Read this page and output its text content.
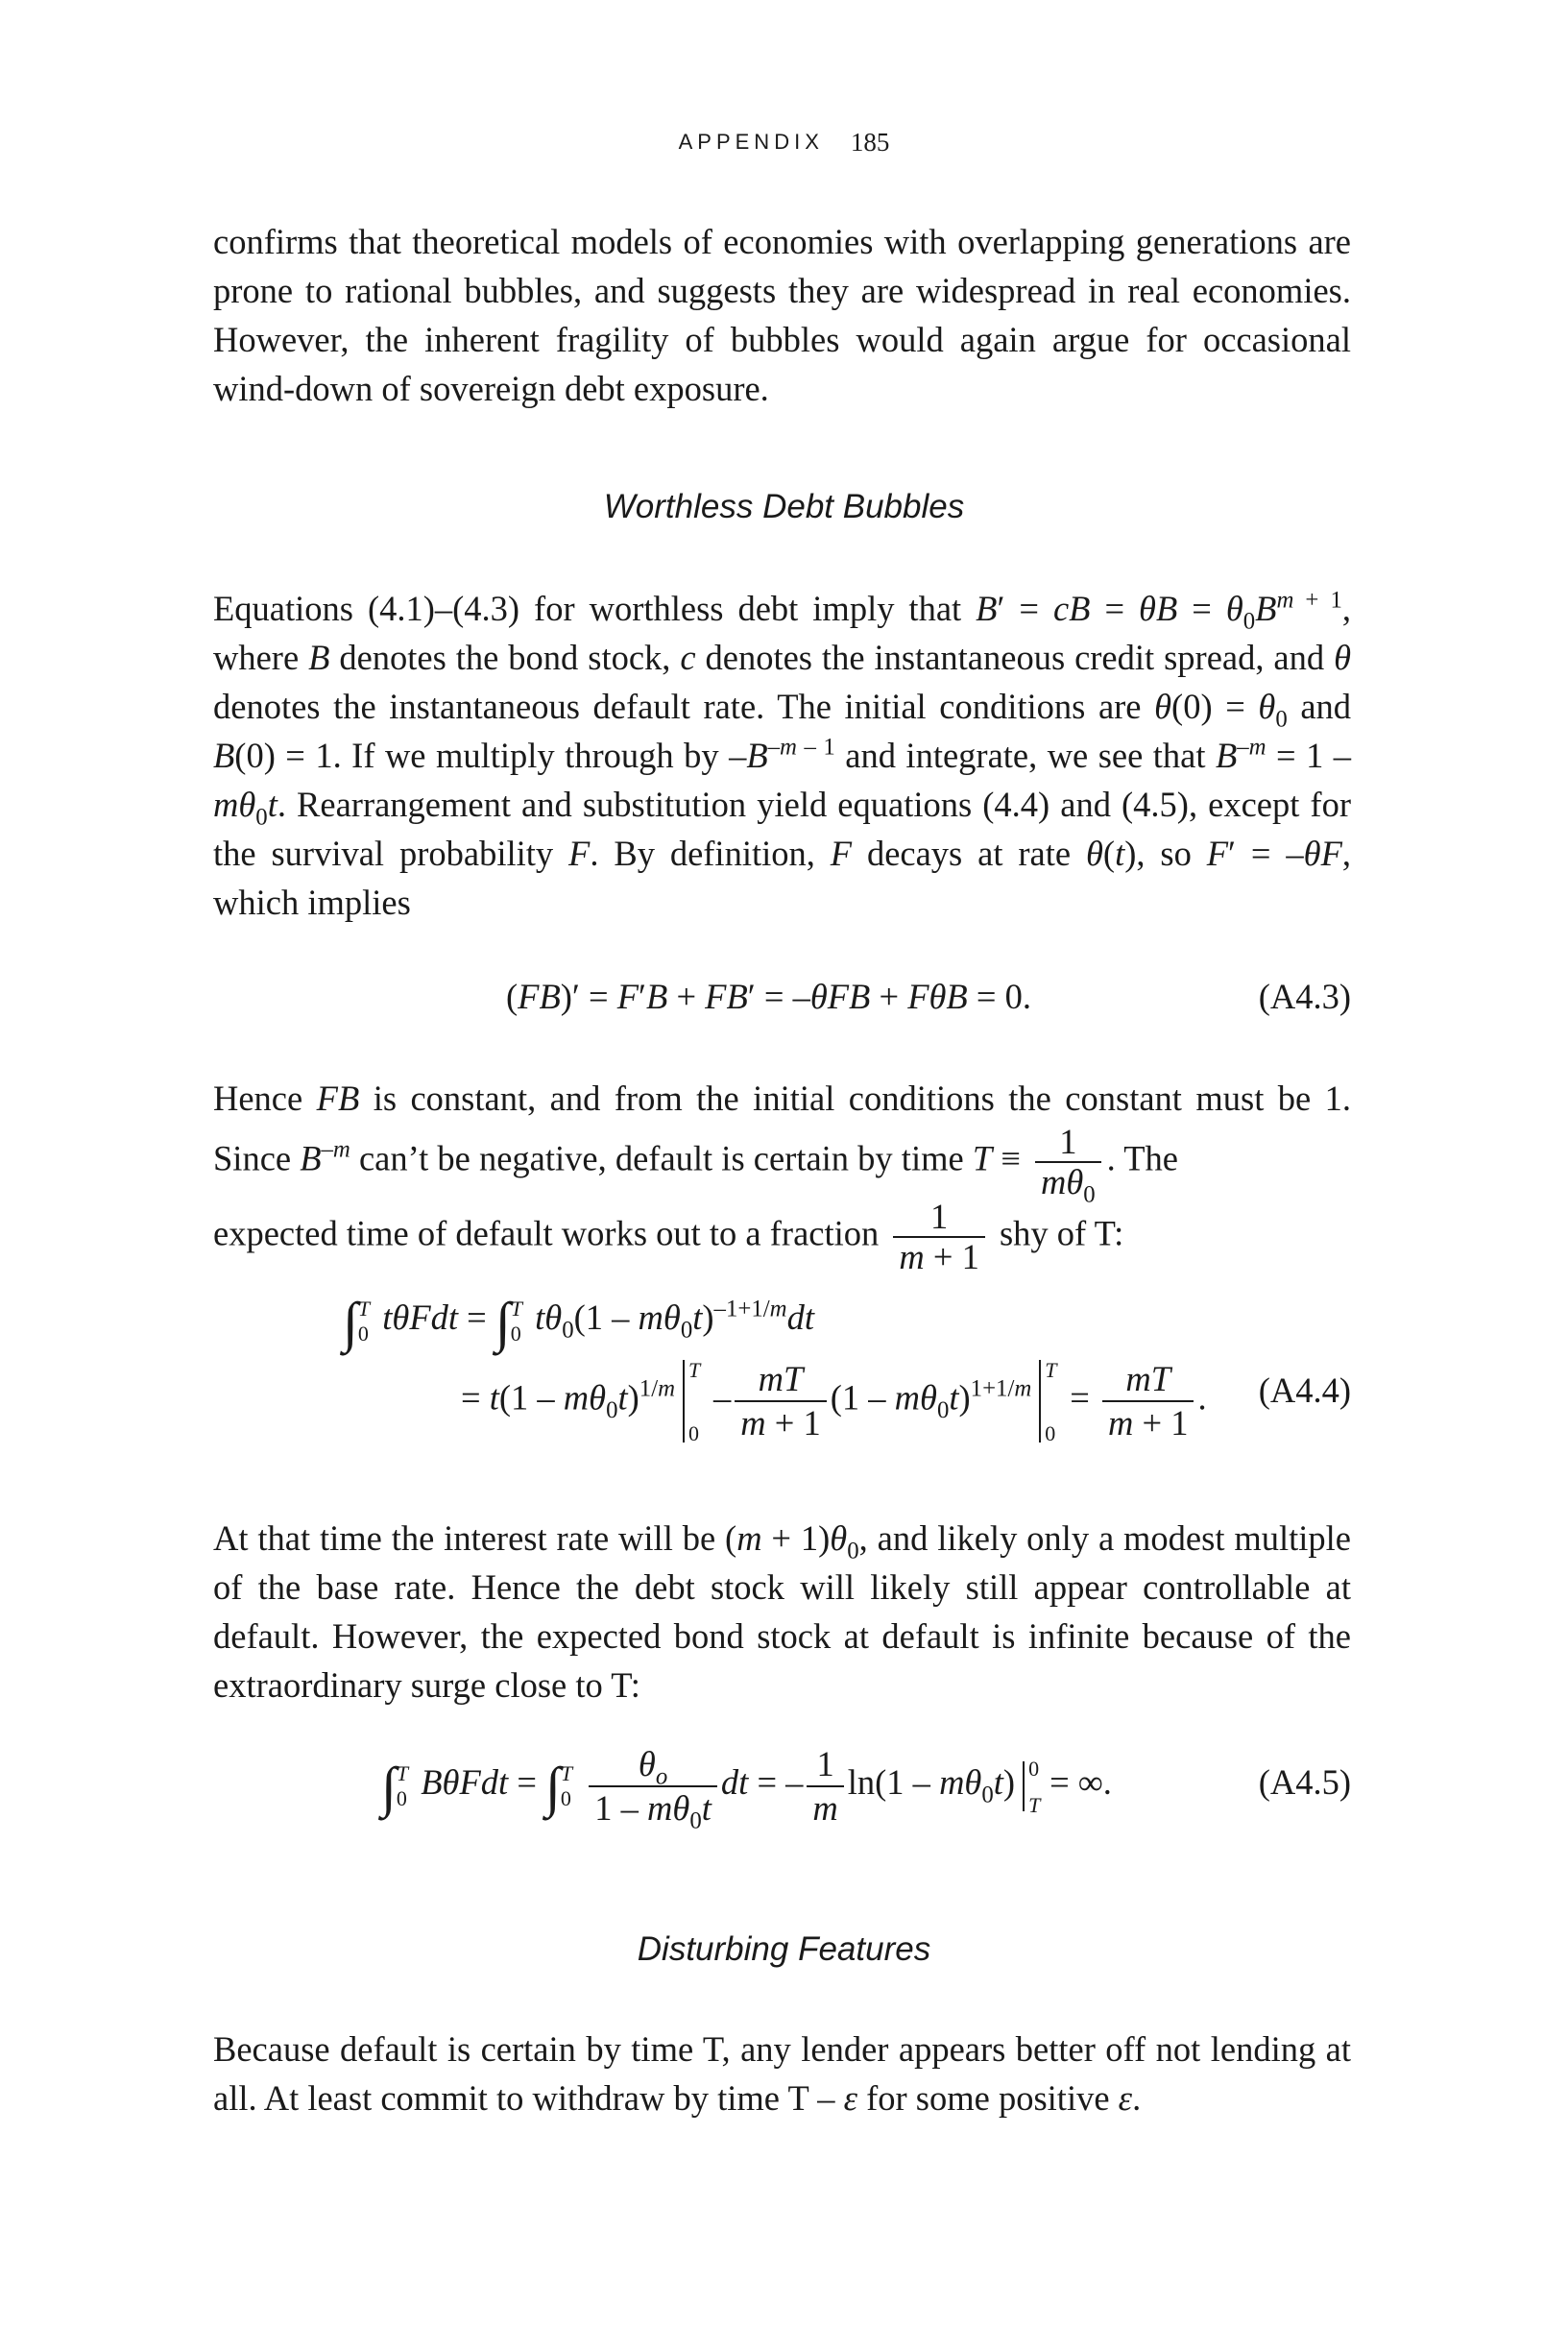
APPENDIX 185
confirms that theoretical models of economies with overlapping generations are prone to rational bubbles, and suggests they are widespread in real economies. However, the inherent fragility of bubbles would again argue for occasional wind-down of sovereign debt exposure.
Worthless Debt Bubbles
Equations (4.1)–(4.3) for worthless debt imply that B′ = cB = $\theta B = \theta_0B^{m + 1}$, where B denotes the bond stock, c denotes the instantaneous credit spread, and θ denotes the instantaneous default rate. The initial conditions are $\theta(0) = \theta_0$ and B(0) = 1. If we multiply through by $-B^{-m - 1}$ and integrate, we see that $B^{-m} = 1 - m\theta_0t$. Rearrangement and substitution yield equations (4.4) and (4.5), except for the survival probability F. By definition, F decays at rate θ(t), so F′ = –θF, which implies
(FB)′ = F′B + FB′ = –θFB + FθB = 0.	(A4.3)
Hence FB is constant, and from the initial conditions the constant must be 1. Since $B^{-m}$ can’t be negative, default is certain by time $T \equiv \frac{1}{m\theta_0}$ . The
expected time of default works out to a fraction $\frac{1}{m + 1}$ shy of T:
∫T
0 tθFdt = ∫T
0 $t\theta_0(1 - m\theta_0t)^{-1+1/m}dt$
= $t(1 - m\theta_0t)^{1/m}$
T
0
– $\frac{mT}{m + 1} (1 - m\theta_0t)^{1+1/m}$
T
0
= $\frac{mT}{m + 1}$ . (A4.4)
At that time the interest rate will be $(m + 1)\theta_0$, and likely only a modest multiple of the base rate. Hence the debt stock will likely still appear controllable at default. However, the expected bond stock at default is infinite because of the extraordinary surge close to T:
∫T
0 BθFdt = ∫T
$0 \frac{\theta_o}{1 - m\theta_0t}$ dt = – $\frac{1}{m} \ln(1 - m\theta_0t)$
T
0 = ∞.	(A4.5)
Disturbing Features
Because default is certain by time T, any lender appears better off not lending at all. At least commit to withdraw by time T – ε for some positive ε.
